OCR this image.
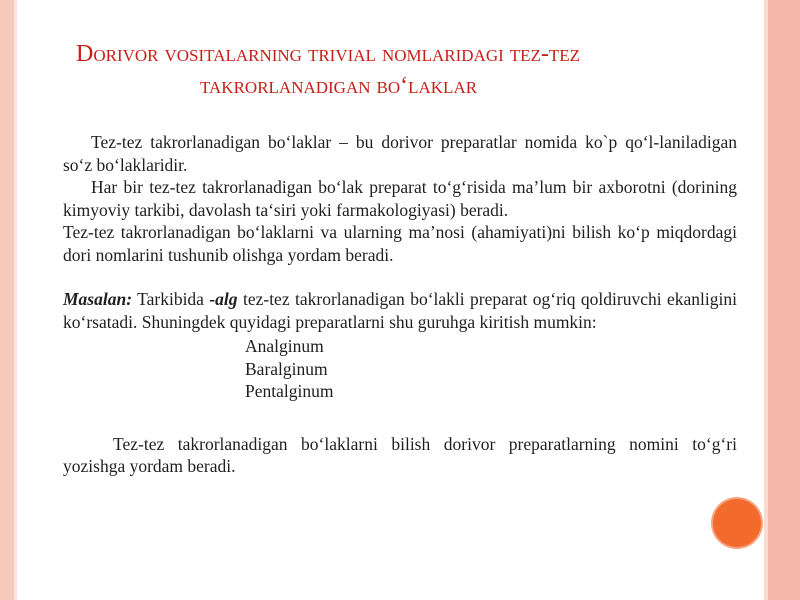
Dorivor vositalarning trivial nomlaridagi tez-tez
takrorlanadigan bo‘laklar

Tez-tez takrorlanadigan bo‘laklar – bu dorivor preparatlar nomida ko`p qo‘l-laniladigan so‘z bo‘laklaridir.

Har bir tez-tez takrorlanadigan bo‘lak preparat to‘g‘risida ma’lum bir axborotni (dorining kimyoviy tarkibi, davolash ta‘siri yoki farmakologiyasi) beradi.

Tez-tez takrorlanadigan bo‘laklarni va ularning ma’nosi (ahamiyati)ni bilish ko‘p miqdordagi dori nomlarini tushunib olishga yordam beradi.

Masalan: Tarkibida -alg tez-tez takrorlanadigan bo‘lakli preparat og‘riq qoldiruvchi ekanligini ko‘rsatadi. Shuningdek quyidagi preparatlarni shu guruhga kiritish mumkin:

Analginum
Baralginum
Pentalginum

Tez-tez takrorlanadigan bo‘laklarni bilish dorivor preparatlarning nomini to‘g‘ri yozishga yordam beradi.
